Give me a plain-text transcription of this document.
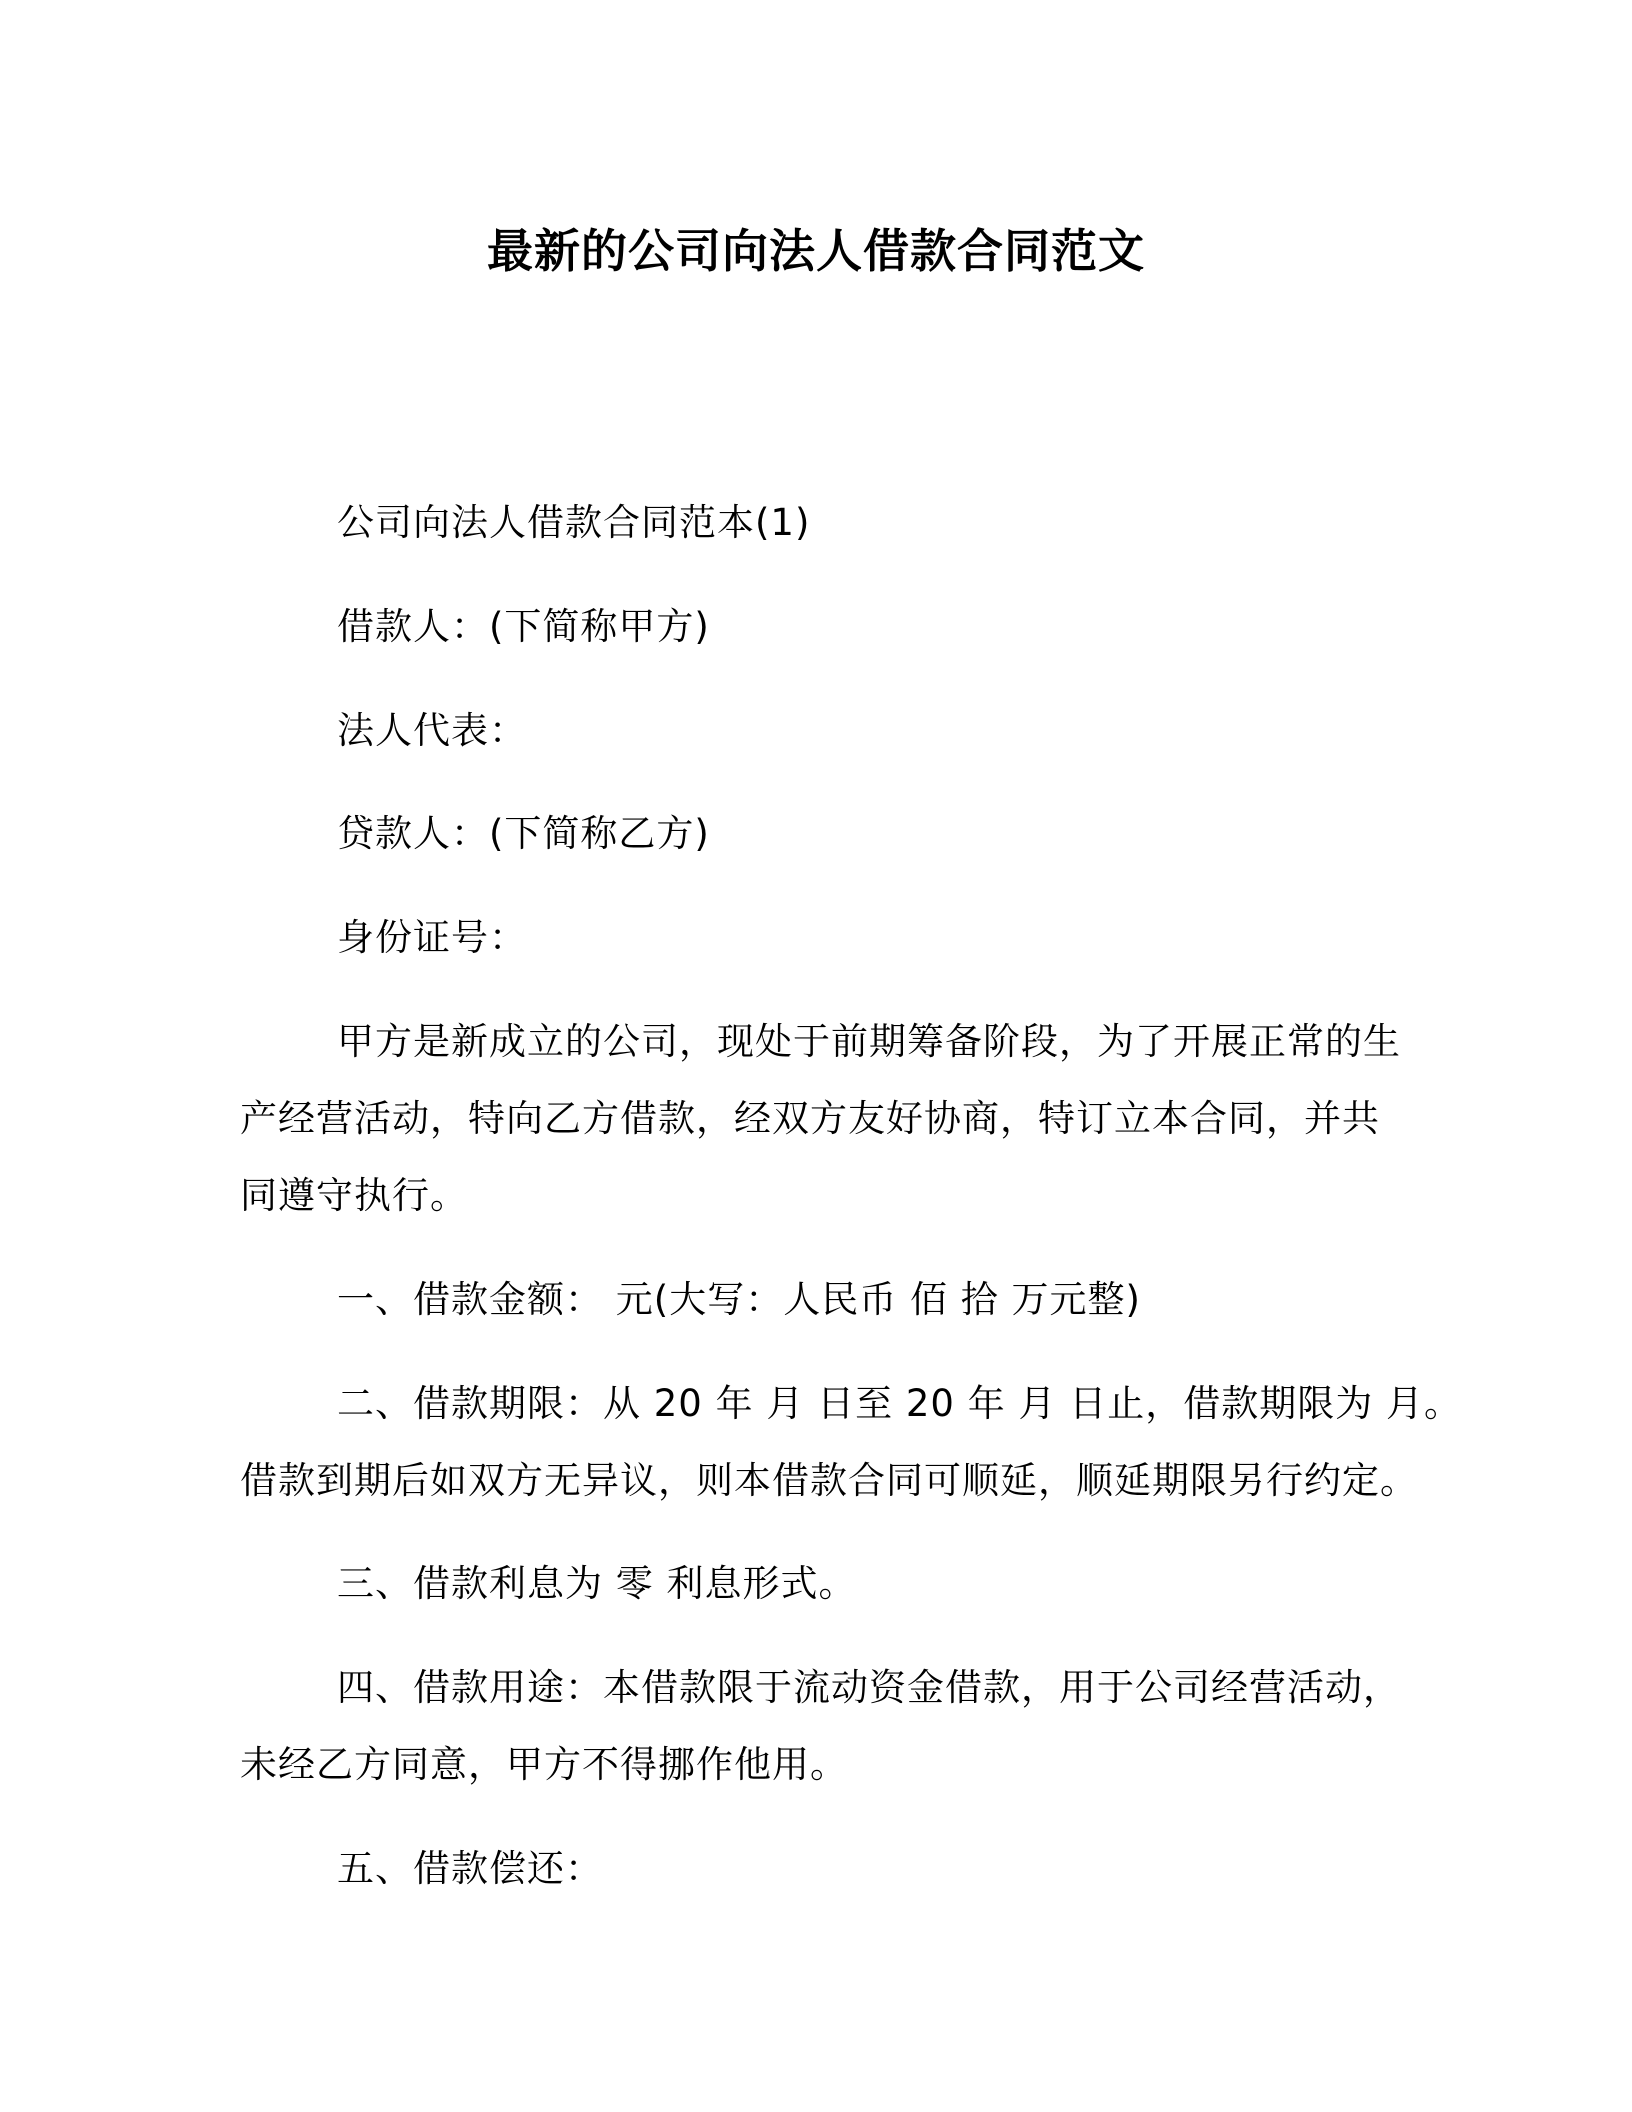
最新的公司向法人借款合同范文
公司向法人借款合同范本(1)
借款人：(下简称甲方)
法人代表：
贷款人：(下简称乙方)
身份证号：
甲方是新成立的公司，现处于前期筹备阶段，为了开展正常的生
产经营活动，特向乙方借款，经双方友好协商，特订立本合同，并共
同遵守执行。
一、借款金额： 元(大写：人民币 佰 拾 万元整)
二、借款期限：从 20 年 月 日至 20 年 月 日止，借款期限为 月。
借款到期后如双方无异议，则本借款合同可顺延，顺延期限另行约定。
三、借款利息为 零 利息形式。
四、借款用途：本借款限于流动资金借款，用于公司经营活动，
未经乙方同意，甲方不得挪作他用。
五、借款偿还：
